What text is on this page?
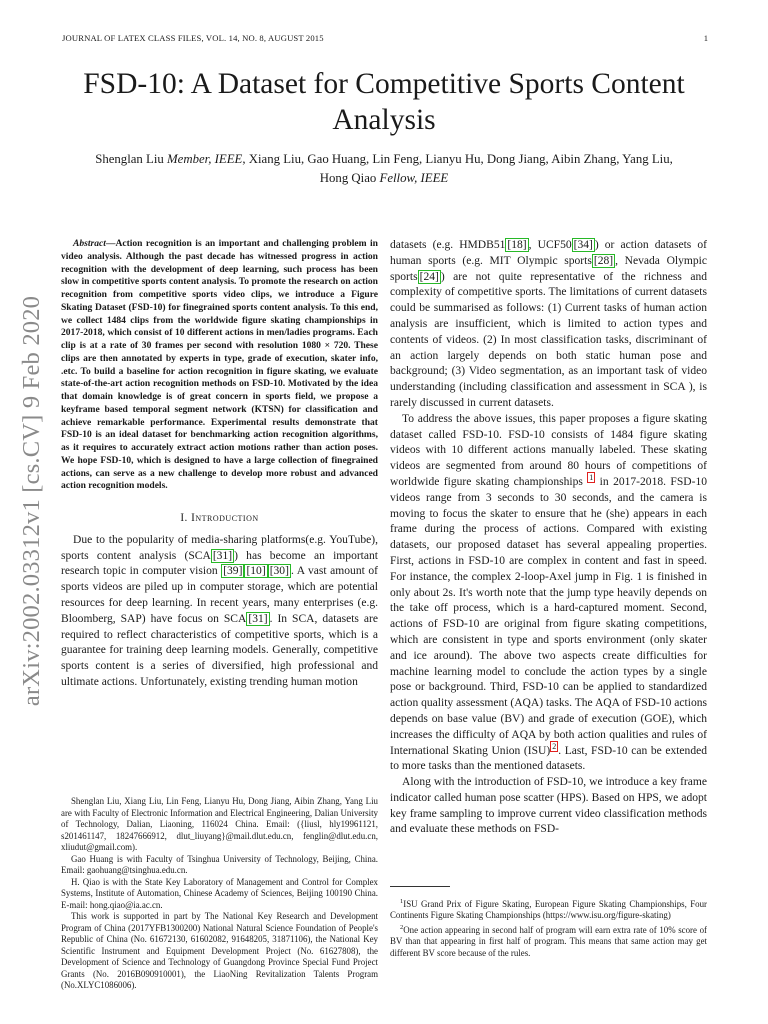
JOURNAL OF LATEX CLASS FILES, VOL. 14, NO. 8, AUGUST 2015	1
arXiv:2002.03312v1 [cs.CV] 9 Feb 2020
FSD-10: A Dataset for Competitive Sports Content Analysis
Shenglan Liu Member, IEEE, Xiang Liu, Gao Huang, Lin Feng, Lianyu Hu, Dong Jiang, Aibin Zhang, Yang Liu,
Hong Qiao Fellow, IEEE

Abstract—Action recognition is an important and challenging problem in video analysis. Although the past decade has witnessed progress in action recognition with the development of deep learning, such process has been slow in competitive sports content analysis. To promote the research on action recognition from competitive sports video clips, we introduce a Figure Skating Dataset (FSD-10) for finegrained sports content analysis. To this end, we collect 1484 clips from the worldwide figure skating championships in 2017-2018, which consist of 10 different actions in men/ladies programs. Each clip is at a rate of 30 frames per second with resolution 1080 × 720. These clips are then annotated by experts in type, grade of execution, skater info, .etc. To build a baseline for action recognition in figure skating, we evaluate state-of-the-art action recognition methods on FSD-10. Motivated by the idea that domain knowledge is of great concern in sports field, we propose a keyframe based temporal segment network (KTSN) for classification and achieve remarkable performance. Experimental results demonstrate that FSD-10 is an ideal dataset for benchmarking action recognition algorithms, as it requires to accurately extract action motions rather than action poses. We hope FSD-10, which is designed to have a large collection of finegrained actions, can serve as a new challenge to develop more robust and advanced action recognition models.

I. Introduction

Due to the popularity of media-sharing platforms(e.g. YouTube), sports content analysis (SCA [31] ) has become an important research topic in computer vision [39] [10] [30] . A vast amount of sports videos are piled up in computer storage, which are potential resources for deep learning. In recent years, many enterprises (e.g. Bloomberg, SAP) have focus on SCA [31] . In SCA, datasets are required to reflect characteristics of competitive sports, which is a guarantee for training deep learning models. Generally, competitive sports content is a series of diversified, high professional and ultimate actions. Unfortunately, existing trending human motion

Shenglan Liu, Xiang Liu, Lin Feng, Lianyu Hu, Dong Jiang, Aibin Zhang, Yang Liu are with Faculty of Electronic Information and Electrical Engineering, Dalian University of Technology, Dalian, Liaoning, 116024 China. Email: ({liusl, hly19961121, s201461147, 18247666912, dlut_liuyang}@mail.dlut.edu.cn, fenglin@dlut.edu.cn, xliudut@gmail.com).

Gao Huang is with Faculty of Tsinghua University of Technology, Beijing, China. Email: gaohuang@tsinghua.edu.cn.

H. Qiao is with the State Key Laboratory of Management and Control for Complex Systems, Institute of Automation, Chinese Academy of Sciences, Beijing 100190 China. E-mail: hong.qiao@ia.ac.cn.

This work is supported in part by The National Key Research and Development Program of China (2017YFB1300200) National Natural Science Foundation of People's Republic of China (No. 61672130, 61602082, 91648205, 31871106), the National Key Scientific Instrument and Equipment Development Project (No. 61627808), the Development of Science and Technology of Guangdong Province Special Fund Project Grants (No. 2016B090910001), the LiaoNing Revitalization Talents Program (No.XLYC1086006).

datasets (e.g. HMDB51 [18] , UCF50 [34] ) or action datasets of human sports (e.g. MIT Olympic sports [28] , Nevada Olympic sports [24] ) are not quite representative of the richness and complexity of competitive sports. The limitations of current datasets could be summarised as follows: (1) Current tasks of human action analysis are insufficient, which is limited to action types and contents of videos. (2) In most classification tasks, discriminant of an action largely depends on both static human pose and background; (3) Video segmentation, as an important task of video understanding (including classification and assessment in SCA ), is rarely discussed in current datasets.

To address the above issues, this paper proposes a figure skating dataset called FSD-10. FSD-10 consists of 1484 figure skating videos with 10 different actions manually labeled. These skating videos are segmented from around 80 hours of competitions of worldwide figure skating championships $^1$ in 2017-2018. FSD-10 videos range from 3 seconds to 30 seconds, and the camera is moving to focus the skater to ensure that he (she) appears in each frame during the process of actions. Compared with existing datasets, our proposed dataset has several appealing properties. First, actions in FSD-10 are complex in content and fast in speed. For instance, the complex 2-loop-Axel jump in Fig. 1 is finished in only about 2s. It's worth note that the jump type heavily depends on the take off process, which is a hard-captured moment. Second, actions of FSD-10 are original from figure skating competitions, which are consistent in type and sports environment (only skater and ice around). The above two aspects create difficulties for machine learning model to conclude the action types by a single pose or background. Third, FSD-10 can be applied to standardized action quality assessment (AQA) tasks. The AQA of FSD-10 actions depends on base value (BV) and grade of execution (GOE), which increases the difficulty of AQA by both action qualities and rules of International Skating Union (ISU) $^2$ . Last, FSD-10 can be extended to more tasks than the mentioned datasets.

Along with the introduction of FSD-10, we introduce a key frame indicator called human pose scatter (HPS). Based on HPS, we adopt key frame sampling to improve current video classification methods and evaluate these methods on FSD-

$^1$ISU Grand Prix of Figure Skating, European Figure Skating Championships, Four Continents Figure Skating Championships (https://www.isu.org/figure-skating)

$^2$One action appearing in second half of program will earn extra rate of 10% score of BV than that appearing in first half of program. This means that same action may get different BV score because of the rules.
